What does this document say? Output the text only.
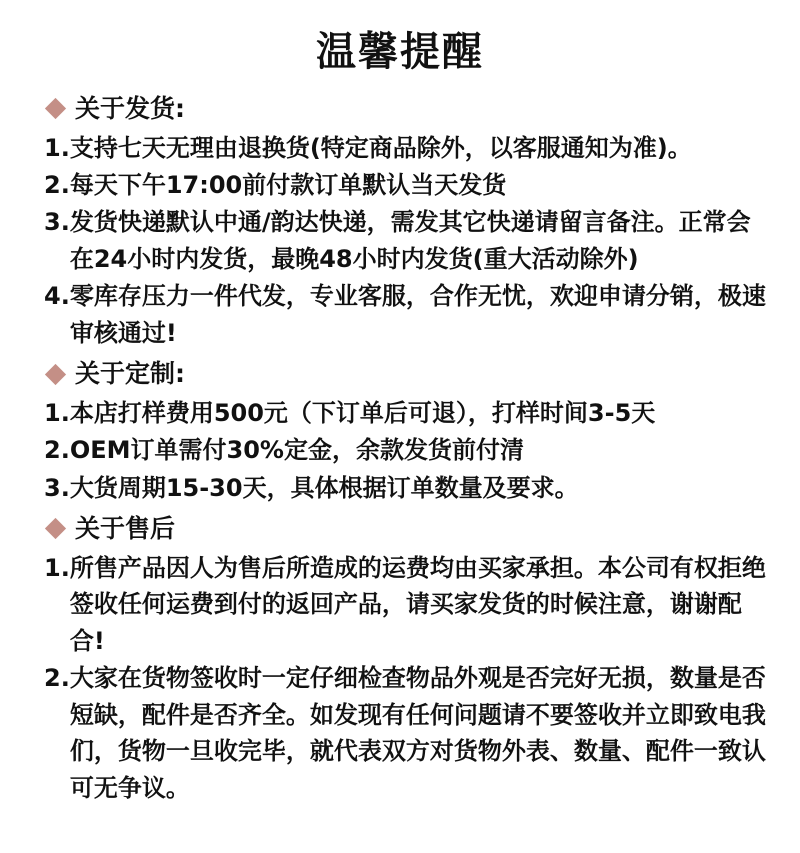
温馨提醒
关于发货:
1. 支持七天无理由退换货(特定商品除外，以客服通知为准)。
2. 每天下午17:00前付款订单默认当天发货
3. 发货快递默认中通/韵达快递，需发其它快递请留言备注。正常会在24小时内发货，最晚48小时内发货(重大活动除外)
4. 零库存压力一件代发，专业客服，合作无忧，欢迎申请分销，极速审核通过!
关于定制:
1. 本店打样费用500元（下订单后可退），打样时间3-5天
2. OEM订单需付30%定金，余款发货前付清
3. 大货周期15-30天，具体根据订单数量及要求。
关于售后
1. 所售产品因人为售后所造成的运费均由买家承担。本公司有权拒绝签收任何运费到付的返回产品，请买家发货的时候注意，谢谢配合!
2. 大家在货物签收时一定仔细检查物品外观是否完好无损，数量是否短缺，配件是否齐全。如发现有任何问题请不要签收并立即致电我们，货物一旦收完毕，就代表双方对货物外表、数量、配件一致认可无争议。
